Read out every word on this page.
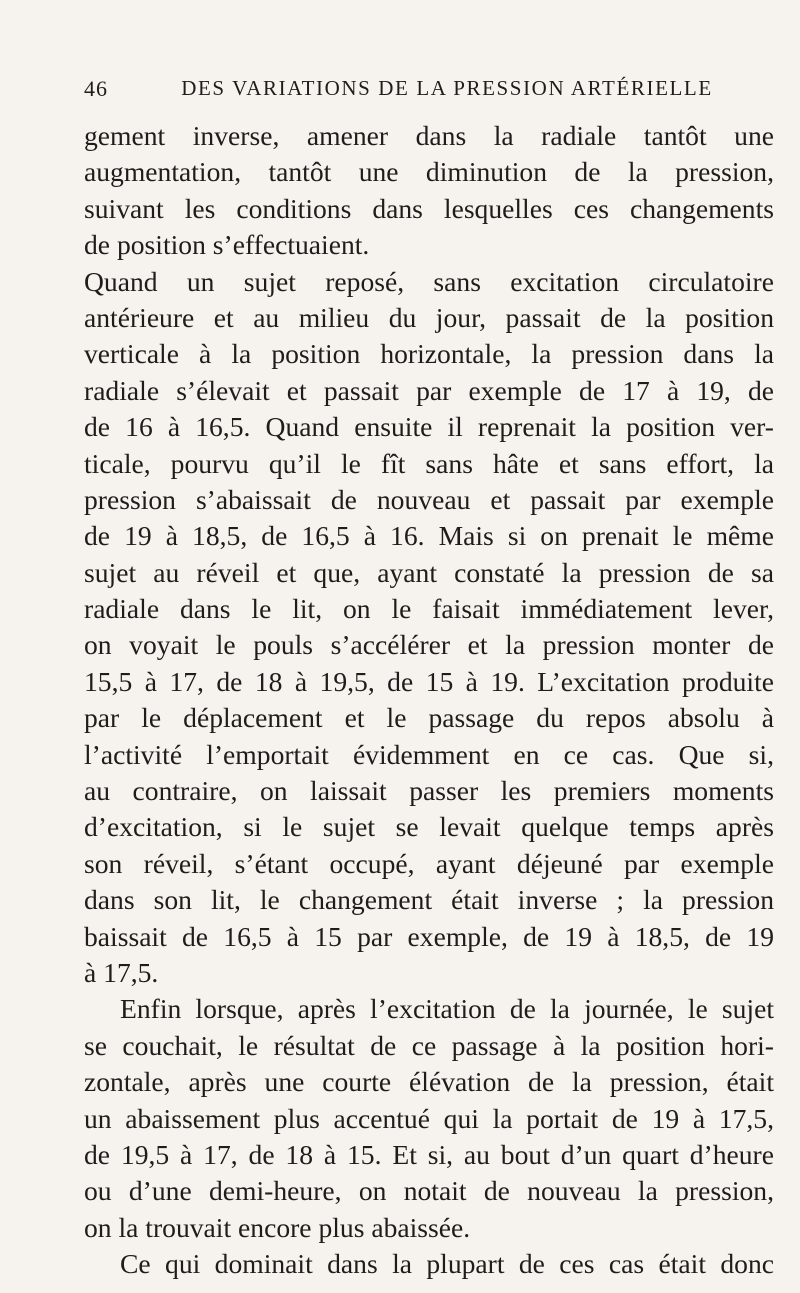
46	DES VARIATIONS DE LA PRESSION ARTÉRIELLE
gement inverse, amener dans la radiale tantôt une
augmentation, tantôt une diminution de la pression,
suivant les conditions dans lesquelles ces changements
de position s’effectuaient.
Quand un sujet reposé, sans excitation circulatoire
antérieure et au milieu du jour, passait de la position
verticale à la position horizontale, la pression dans la
radiale s’élevait et passait par exemple de 17 à 19, de
de 16 à 16,5. Quand ensuite il reprenait la position ver-
ticale, pourvu qu’il le fît sans hâte et sans effort, la
pression s’abaissait de nouveau et passait par exemple
de 19 à 18,5, de 16,5 à 16. Mais si on prenait le même
sujet au réveil et que, ayant constaté la pression de sa
radiale dans le lit, on le faisait immédiatement lever,
on voyait le pouls s’accélérer et la pression monter de
15,5 à 17, de 18 à 19,5, de 15 à 19. L’excitation produite
par le déplacement et le passage du repos absolu à
l’activité l’emportait évidemment en ce cas. Que si,
au contraire, on laissait passer les premiers moments
d’excitation, si le sujet se levait quelque temps après
son réveil, s’étant occupé, ayant déjeuné par exemple
dans son lit, le changement était inverse ; la pression
baissait de 16,5 à 15 par exemple, de 19 à 18,5, de 19
à 17,5.
Enfin lorsque, après l’excitation de la journée, le sujet
se couchait, le résultat de ce passage à la position hori-
zontale, après une courte élévation de la pression, était
un abaissement plus accentué qui la portait de 19 à 17,5,
de 19,5 à 17, de 18 à 15. Et si, au bout d’un quart d’heure
ou d’une demi-heure, on notait de nouveau la pression,
on la trouvait encore plus abaissée.
Ce qui dominait dans la plupart de ces cas était donc
